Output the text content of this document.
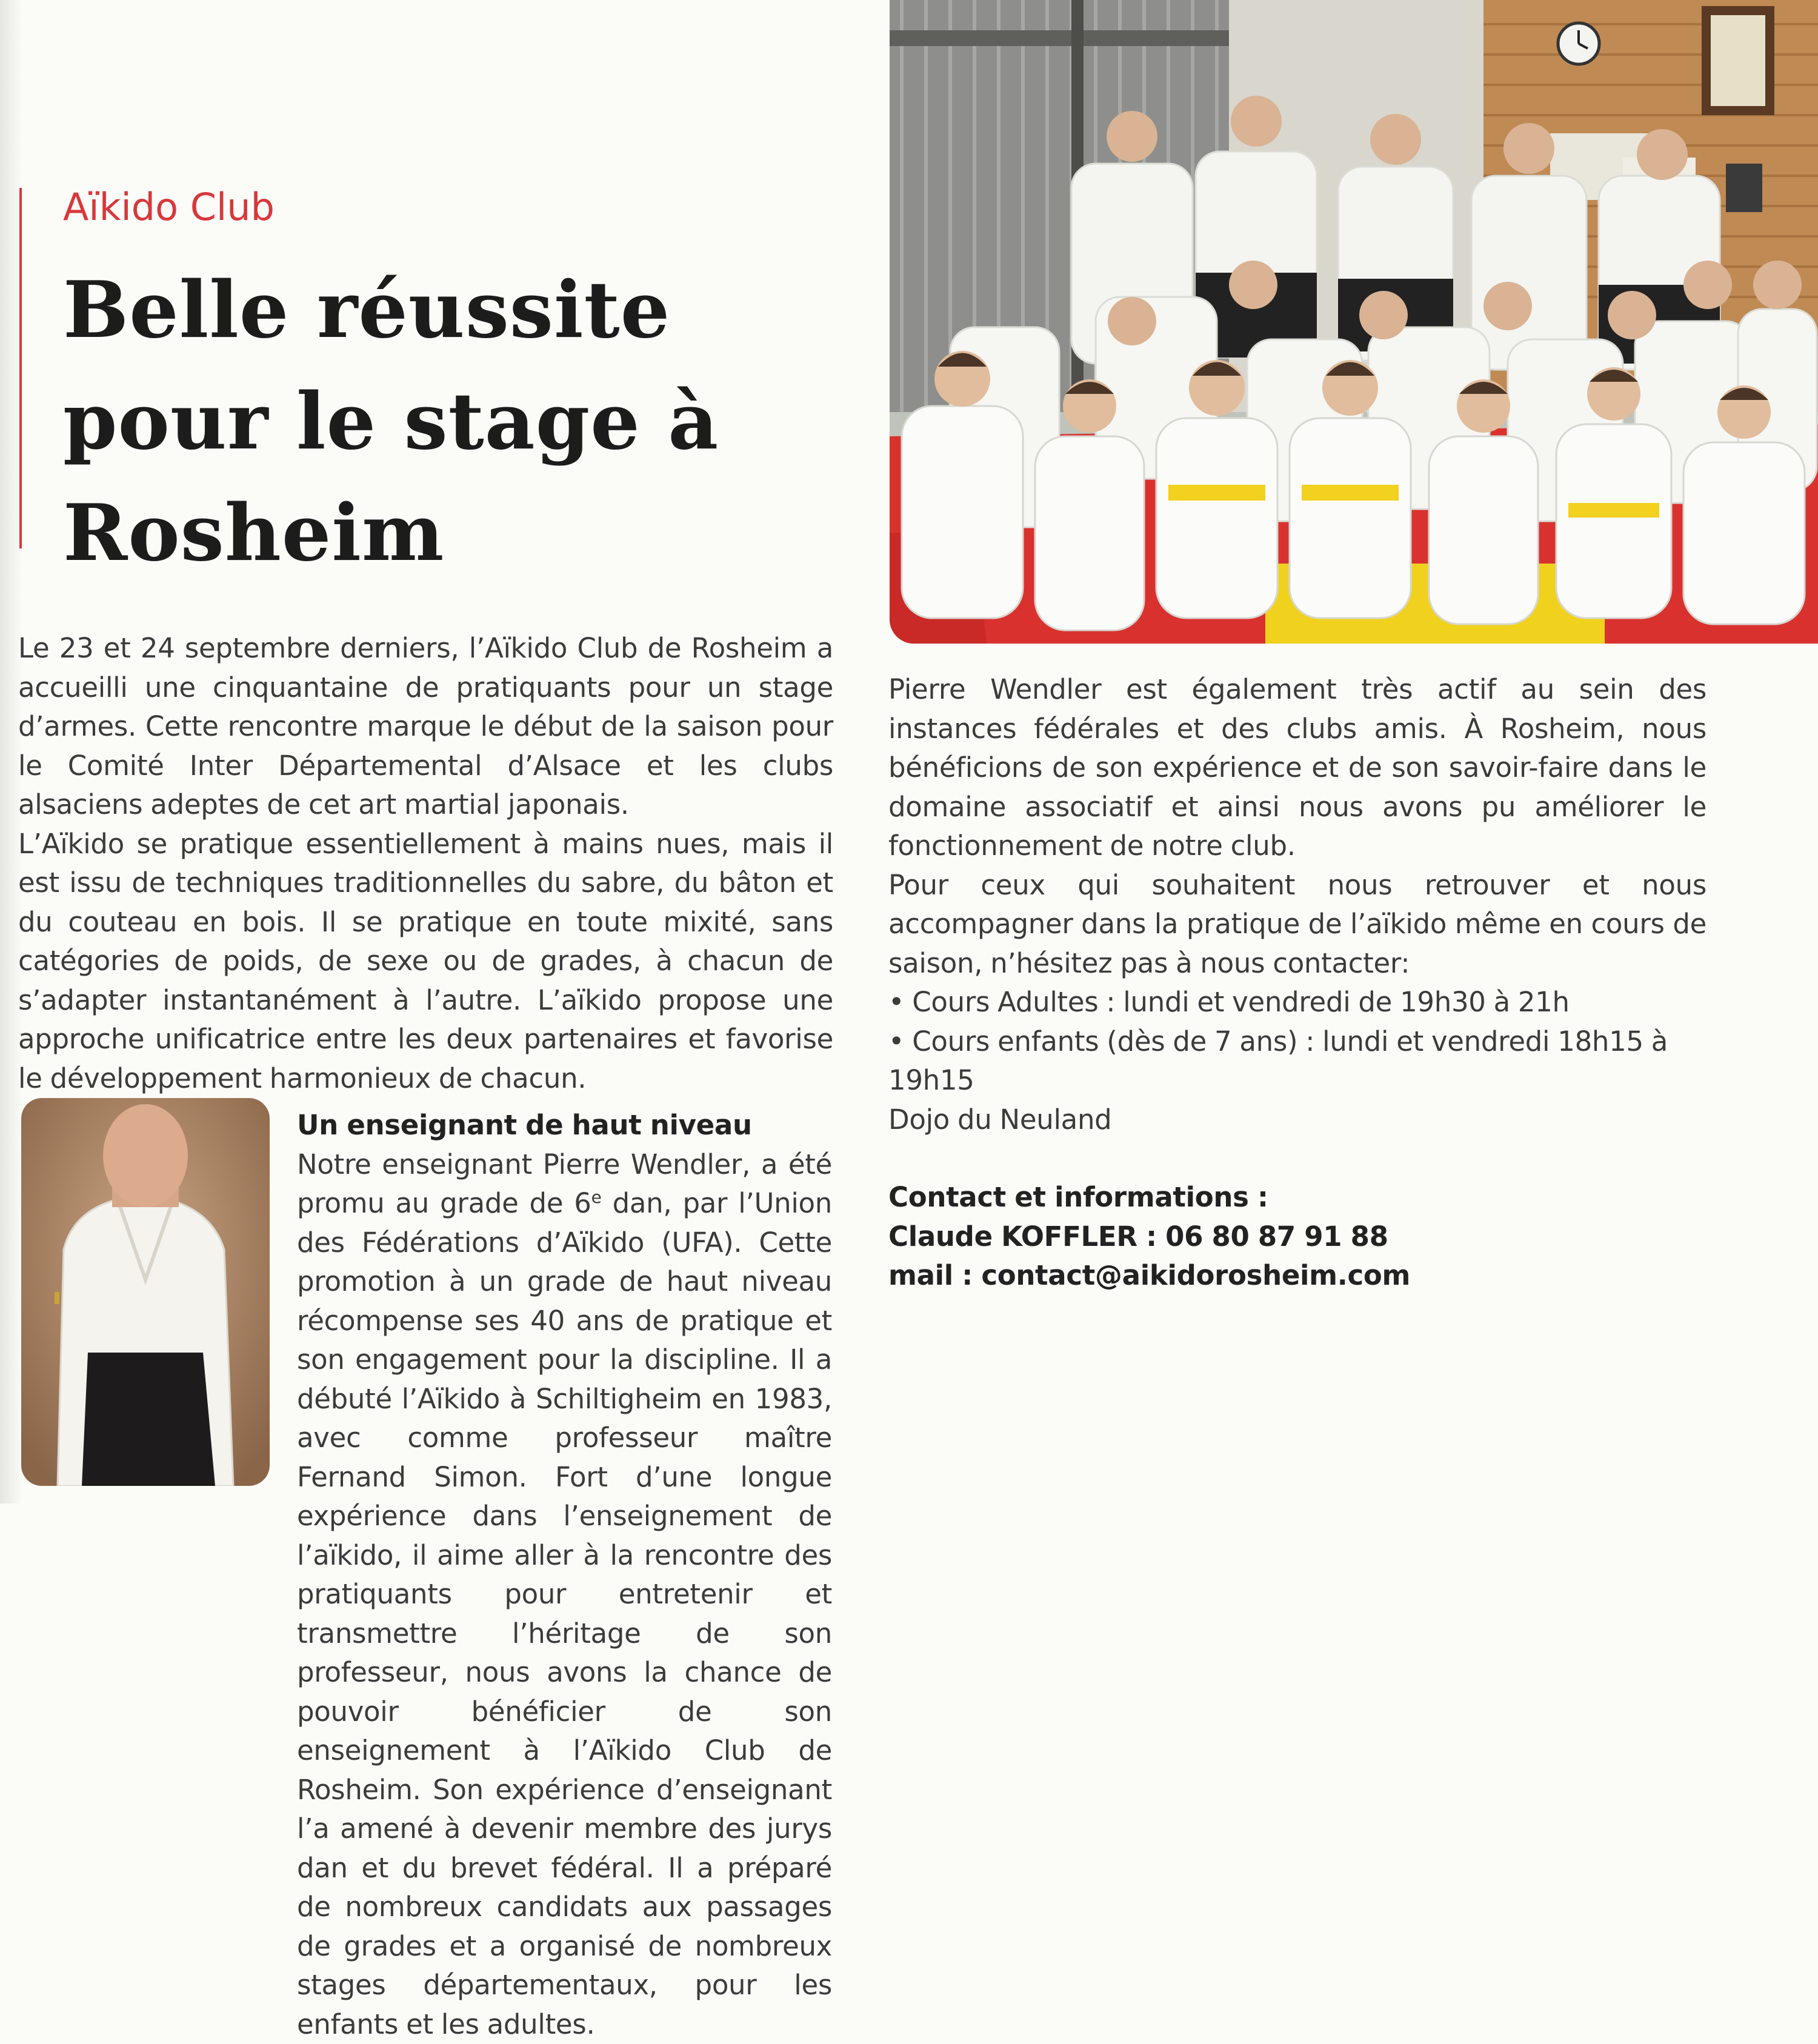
Aïkido Club
Belle réussite
pour le stage à
Rosheim

Le 23 et 24 septembre derniers, l’Aïkido Club de Rosheim a accueilli une cinquantaine de pratiquants pour un stage d’armes. Cette rencontre marque le début de la saison pour le Comité Inter Départemental d’Alsace et les clubs alsaciens adeptes de cet art martial japonais.

L’Aïkido se pratique essentiellement à mains nues, mais il est issu de techniques traditionnelles du sabre, du bâton et du couteau en bois. Il se pratique en toute mixité, sans catégories de poids, de sexe ou de grades, à chacun de s’adapter instantanément à l’autre. L’aïkido propose une approche unificatrice entre les deux partenaires et favorise le développement harmonieux de chacun.

Un enseignant de haut niveau

Notre enseignant Pierre Wendler, a été promu au grade de 6e dan, par l’Union des Fédérations d’Aïkido (UFA). Cette promotion à un grade de haut niveau récompense ses 40 ans de pratique et son engagement pour la discipline. Il a débuté l’Aïkido à Schiltigheim en 1983, avec comme professeur maître Fernand Simon. Fort d’une longue expérience dans l’enseignement de l’aïkido, il aime aller à la rencontre des pratiquants pour entretenir et transmettre l’héritage de son professeur, nous avons la chance de pouvoir bénéficier de son enseignement à l’Aïkido Club de Rosheim. Son expérience d’enseignant l’a amené à devenir membre des jurys dan et du brevet fédéral. Il a préparé de nombreux candidats aux passages de grades et a organisé de nombreux stages départementaux, pour les enfants et les adultes.

Pierre Wendler est également très actif au sein des instances fédérales et des clubs amis. À Rosheim, nous bénéficions de son expérience et de son savoir-faire dans le domaine associatif et ainsi nous avons pu améliorer le fonctionnement de notre club.

Pour ceux qui souhaitent nous retrouver et nous accompagner dans la pratique de l’aïkido même en cours de saison, n’hésitez pas à nous contacter:

• Cours Adultes : lundi et vendredi de 19h30 à 21h

• Cours enfants (dès de 7 ans) : lundi et vendredi 18h15 à 19h15

Dojo du Neuland

Contact et informations :

Claude KOFFLER : 06 80 87 91 88

mail : contact@aikidorosheim.com
